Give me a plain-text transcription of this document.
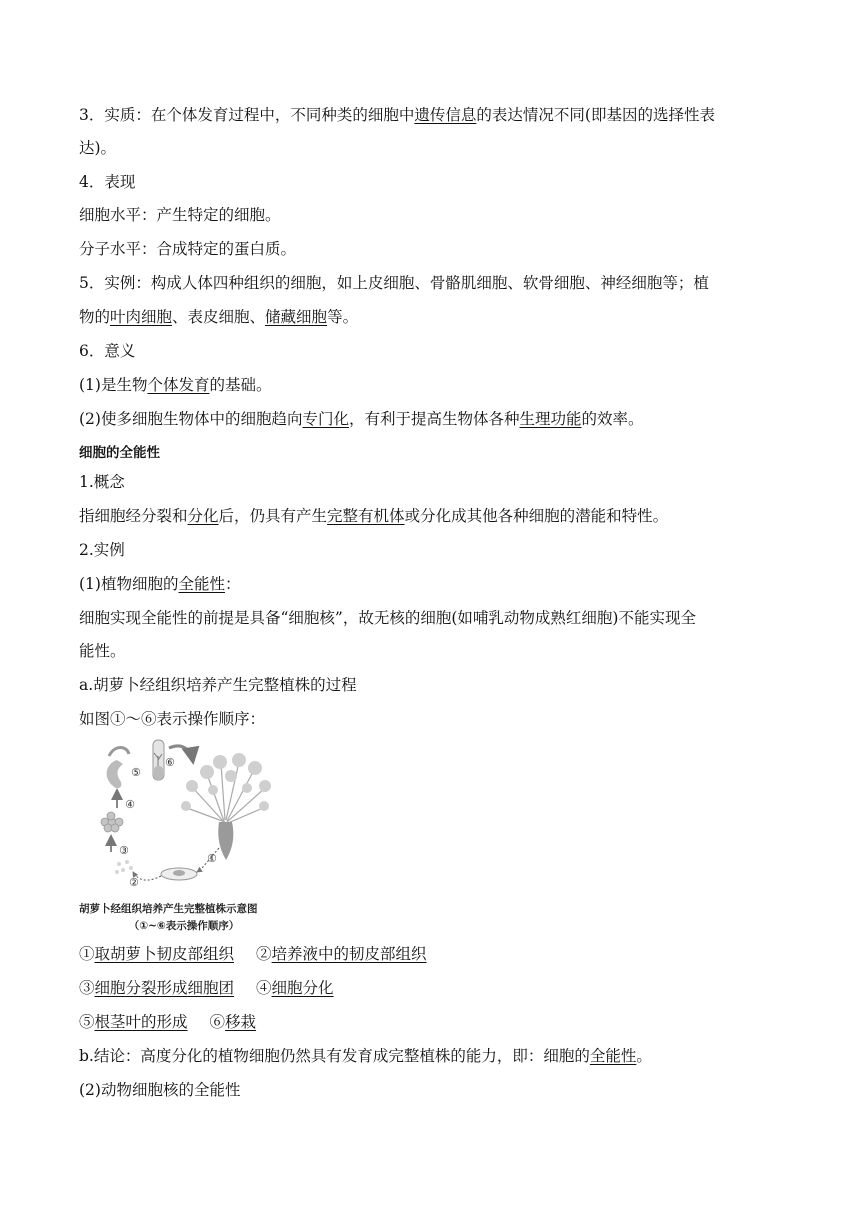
3．实质：在个体发育过程中，不同种类的细胞中遗传信息的表达情况不同(即基因的选择性表
达)。
4．表现
细胞水平：产生特定的细胞。
分子水平：合成特定的蛋白质。
5．实例：构成人体四种组织的细胞，如上皮细胞、骨骼肌细胞、软骨细胞、神经细胞等；植
物的叶肉细胞、表皮细胞、储藏细胞等。
6．意义
(1)是生物个体发育的基础。
(2)使多细胞生物体中的细胞趋向专门化，有利于提高生物体各种生理功能的效率。
细胞的全能性
1.概念
指细胞经分裂和分化后，仍具有产生完整有机体或分化成其他各种细胞的潜能和特性。
2.实例
(1)植物细胞的全能性：
细胞实现全能性的前提是具备“细胞核”，故无核的细胞(如哺乳动物成熟红细胞)不能实现全
能性。
a.胡萝卜经组织培养产生完整植株的过程
如图①～⑥表示操作顺序：
①
②
③
④
⑤
⑥
胡萝卜经组织培养产生完整植株示意图
（①~⑥表示操作顺序）
①取胡萝卜韧皮部组织 ②培养液中的韧皮部组织
③细胞分裂形成细胞团 ④细胞分化
⑤根茎叶的形成 ⑥移栽
b.结论：高度分化的植物细胞仍然具有发育成完整植株的能力，即：细胞的全能性。
(2)动物细胞核的全能性
